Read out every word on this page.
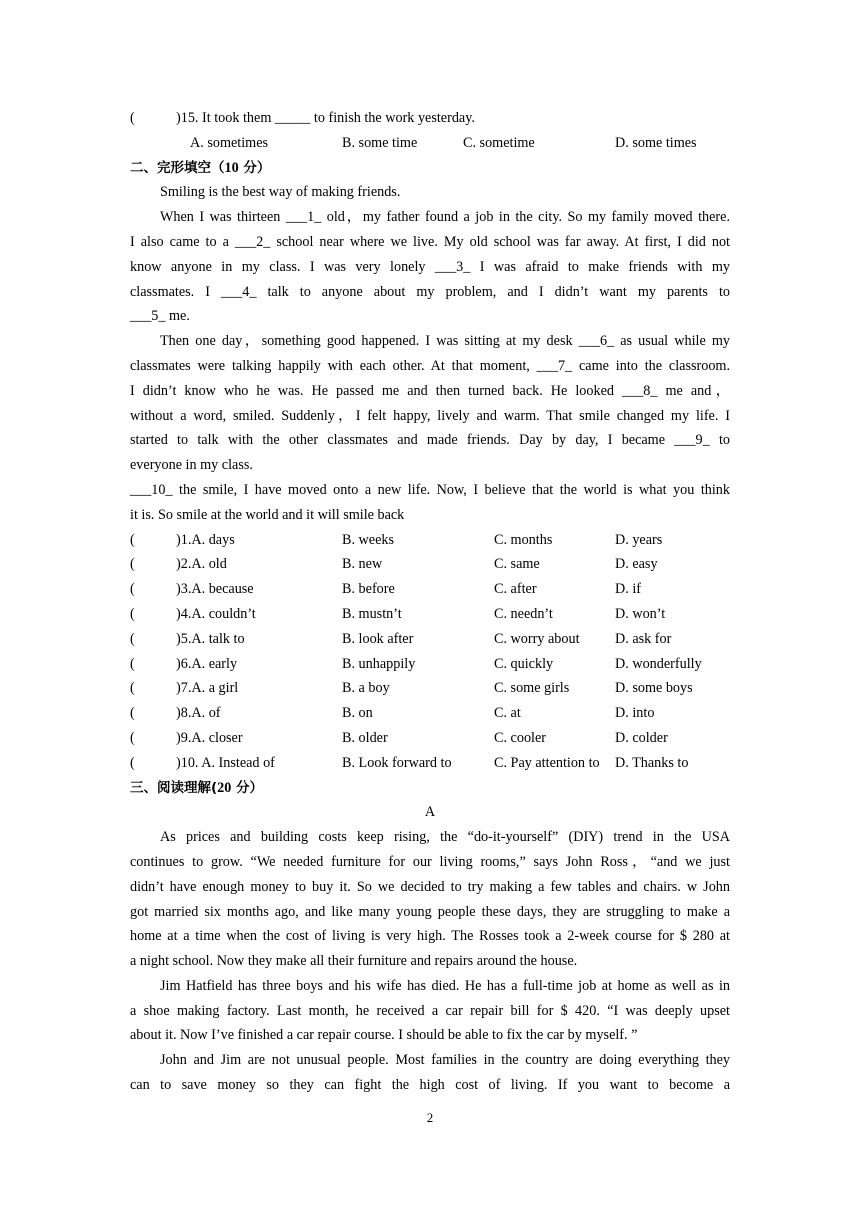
(	)15. It took them _____ to finish the work yesterday.
A. sometimes	B. some time	C. sometime	D. some times
二、完形填空（10 分）
Smiling is the best way of making friends.
When I was thirteen ___1_ old，my father found a job in the city. So my family moved there.
I also came to a ___2_ school near where we live. My old school was far away. At first, I did not
know anyone in my class. I was very lonely ___3_ I was afraid to make friends with my
classmates. I ___4_ talk to anyone about my problem, and I didn’t want my parents to
___5_ me.
Then one day，something good happened. I was sitting at my desk ___6_ as usual while my
classmates were talking happily with each other. At that moment, ___7_ came into the classroom.
I didn’t know who he was. He passed me and then turned back. He looked ___8_ me and，
without a word, smiled. Suddenly，I felt happy, lively and warm. That smile changed my life. I
started to talk with the other classmates and made friends. Day by day, I became ___9_ to
everyone in my class.
___10_ the smile, I have moved onto a new life. Now, I believe that the world is what you think
it is. So smile at the world and it will smile back
(	)1.A. days	B. weeks	C. months	D. years
(	)2.A. old	B. new	C. same	D. easy
(	)3.A. because	B. before	C. after	D. if
(	)4.A. couldn’t	B. mustn’t	C. needn’t	D. won’t
(	)5.A. talk to	B. look after	C. worry about D. ask for
(	)6.A. early	B. unhappily	C. quickly	D. wonderfully
(	)7.A. a girl	B. a boy	C. some girls	D. some boys
(	)8.A. of	B. on	C. at	D. into
(	)9.A. closer	B. older	C. cooler	D. colder
(	)10. A. Instead of	B. Look forward to	C. Pay attention to D. Thanks to
三、阅读理解(20 分）
A
As prices and building costs keep rising, the “do-it-yourself” (DIY) trend in the USA
continues to grow. “We needed furniture for our living rooms,” says John Ross，“and we just
didn’t have enough money to buy it. So we decided to try making a few tables and chairs. w John
got married six months ago, and like many young people these days, they are struggling to make a
home at a time when the cost of living is very high. The Rosses took a 2-week course for $ 280 at
a night school. Now they make all their furniture and repairs around the house.
Jim Hatfield has three boys and his wife has died. He has a full-time job at home as well as in
a shoe making factory. Last month, he received a car repair bill for $ 420. “I was deeply upset
about it. Now I’ve finished a car repair course. I should be able to fix the car by myself. ”
John and Jim are not unusual people. Most families in the country are doing everything they
can to save money so they can fight the high cost of living. If you want to become a
2
